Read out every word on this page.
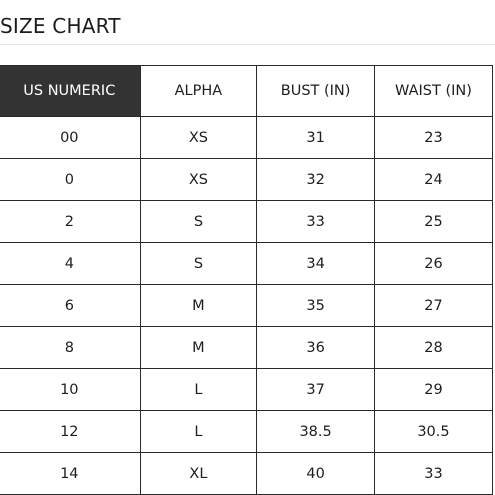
SIZE CHART
US NUMERIC	ALPHA	BUST (IN)	WAIST (IN)
00	XS	31	23
0	XS	32	24
2	S	33	25
4	S	34	26
6	M	35	27
8	M	36	28
10	L	37	29
12	L	38.5	30.5
14	XL	40	33
